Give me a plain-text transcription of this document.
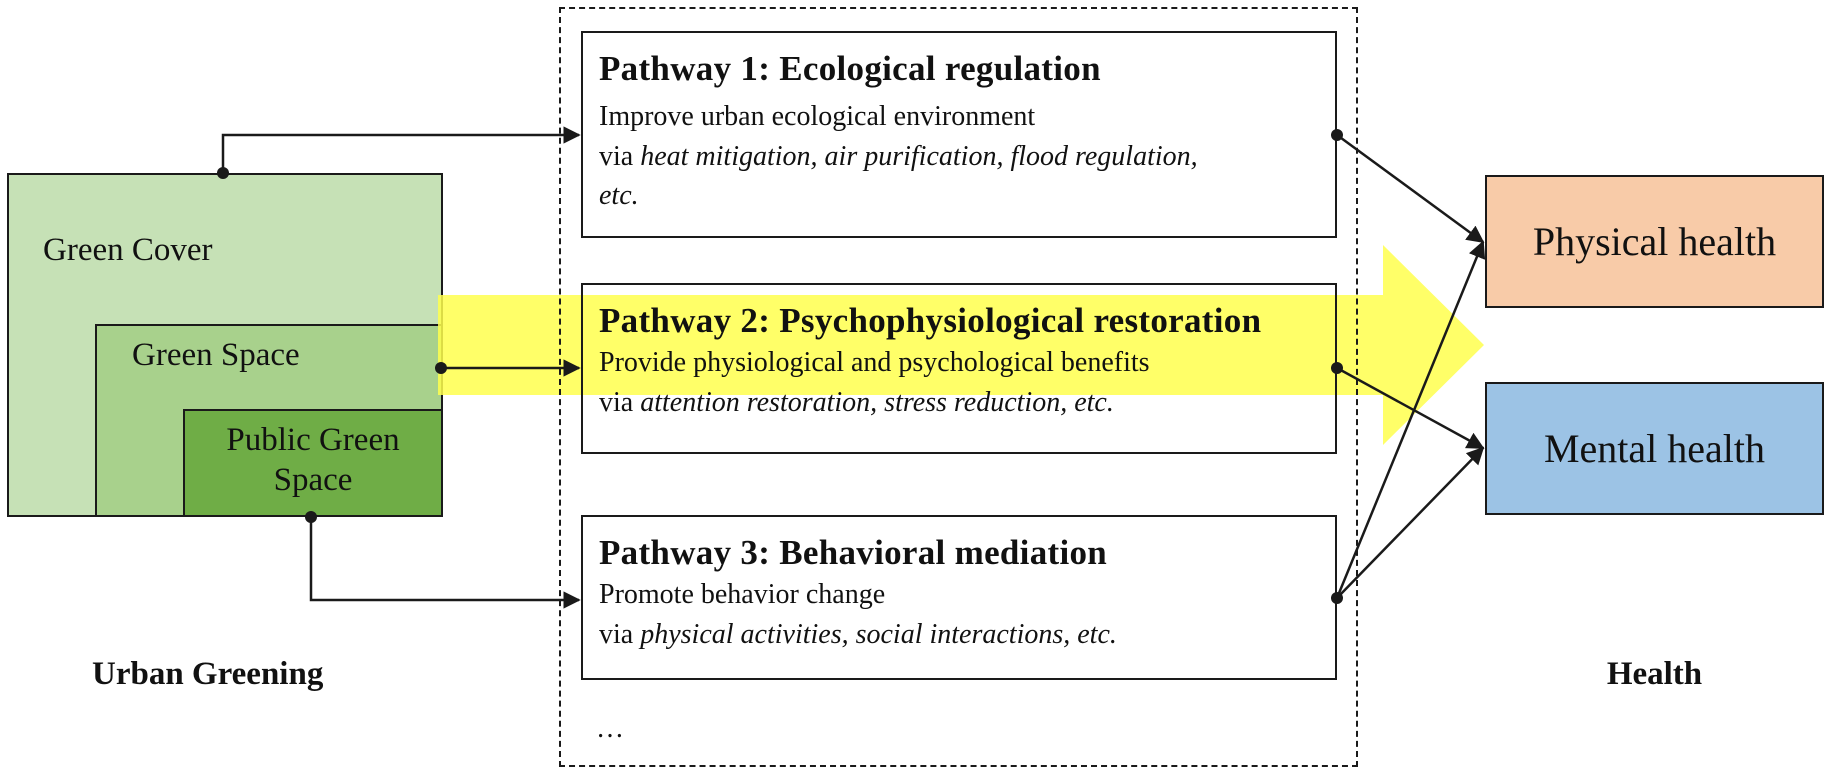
Green Cover
Green Space
Public Green
Space
Pathway 1: Ecological regulation
Improve urban ecological environment
via heat mitigation, air purification, flood regulation,
etc.
Pathway 2: Psychophysiological restoration
Provide physiological and psychological benefits
via attention restoration, stress reduction, etc.
Pathway 3: Behavioral mediation
Promote behavior change
via physical activities, social interactions, etc.
…
Physical health
Mental health
Urban Greening	Health
